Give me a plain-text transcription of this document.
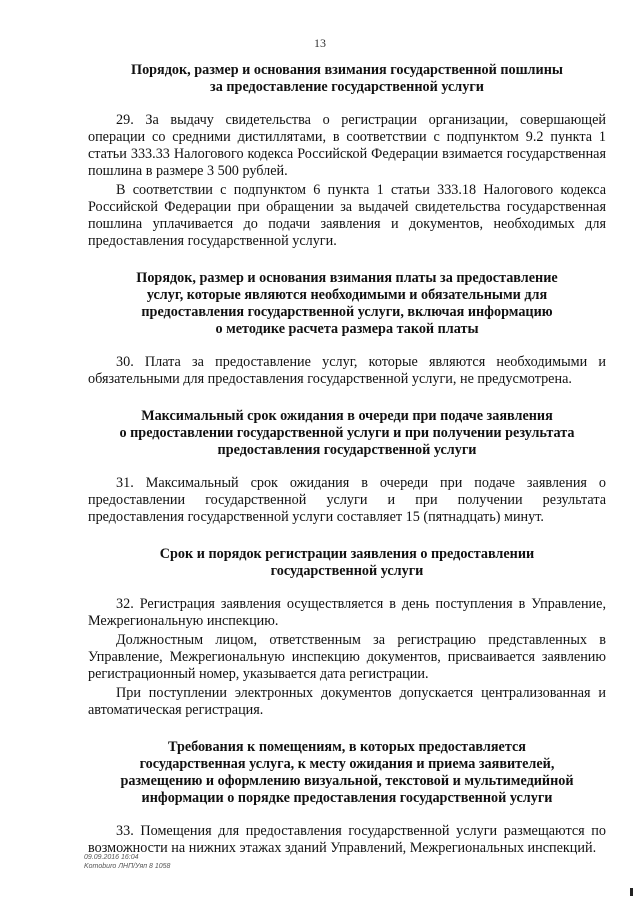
13
Порядок, размер и основания взимания государственной пошлины
за предоставление государственной услуги

29. За выдачу свидетельства о регистрации организации, совершающей операции со средними дистиллятами, в соответствии с подпунктом 9.2 пункта 1 статьи 333.33 Налогового кодекса Российской Федерации взимается государственная пошлина в размере 3 500 рублей.

В соответствии с подпунктом 6 пункта 1 статьи 333.18 Налогового кодекса Российской Федерации при обращении за выдачей свидетельства государственная пошлина уплачивается до подачи заявления и документов, необходимых для предоставления государственной услуги.

Порядок, размер и основания взимания платы за предоставление
услуг, которые являются необходимыми и обязательными для
предоставления государственной услуги, включая информацию
о методике расчета размера такой платы

30. Плата за предоставление услуг, которые являются необходимыми и обязательными для предоставления государственной услуги, не предусмотрена.

Максимальный срок ожидания в очереди при подаче заявления
о предоставлении государственной услуги и при получении результата
предоставления государственной услуги

31. Максимальный срок ожидания в очереди при подаче заявления о предоставлении государственной услуги и при получении результата предоставления государственной услуги составляет 15 (пятнадцать) минут.

Срок и порядок регистрации заявления о предоставлении
государственной услуги

32. Регистрация заявления осуществляется в день поступления в Управление, Межрегиональную инспекцию.

Должностным лицом, ответственным за регистрацию представленных в Управление, Межрегиональную инспекцию документов, присваивается заявлению регистрационный номер, указывается дата регистрации.

При поступлении электронных документов допускается централизованная и автоматическая регистрация.

Требования к помещениям, в которых предоставляется
государственная услуга, к месту ожидания и приема заявителей,
размещению и оформлению визуальной, текстовой и мультимедийной
информации о порядке предоставления государственной услуги

33. Помещения для предоставления государственной услуги размещаются по возможности на нижних этажах зданий Управлений, Межрегиональных инспекций.

09.09.2016 16:04
Komoburo ЛНП/Уяп 8 1058
